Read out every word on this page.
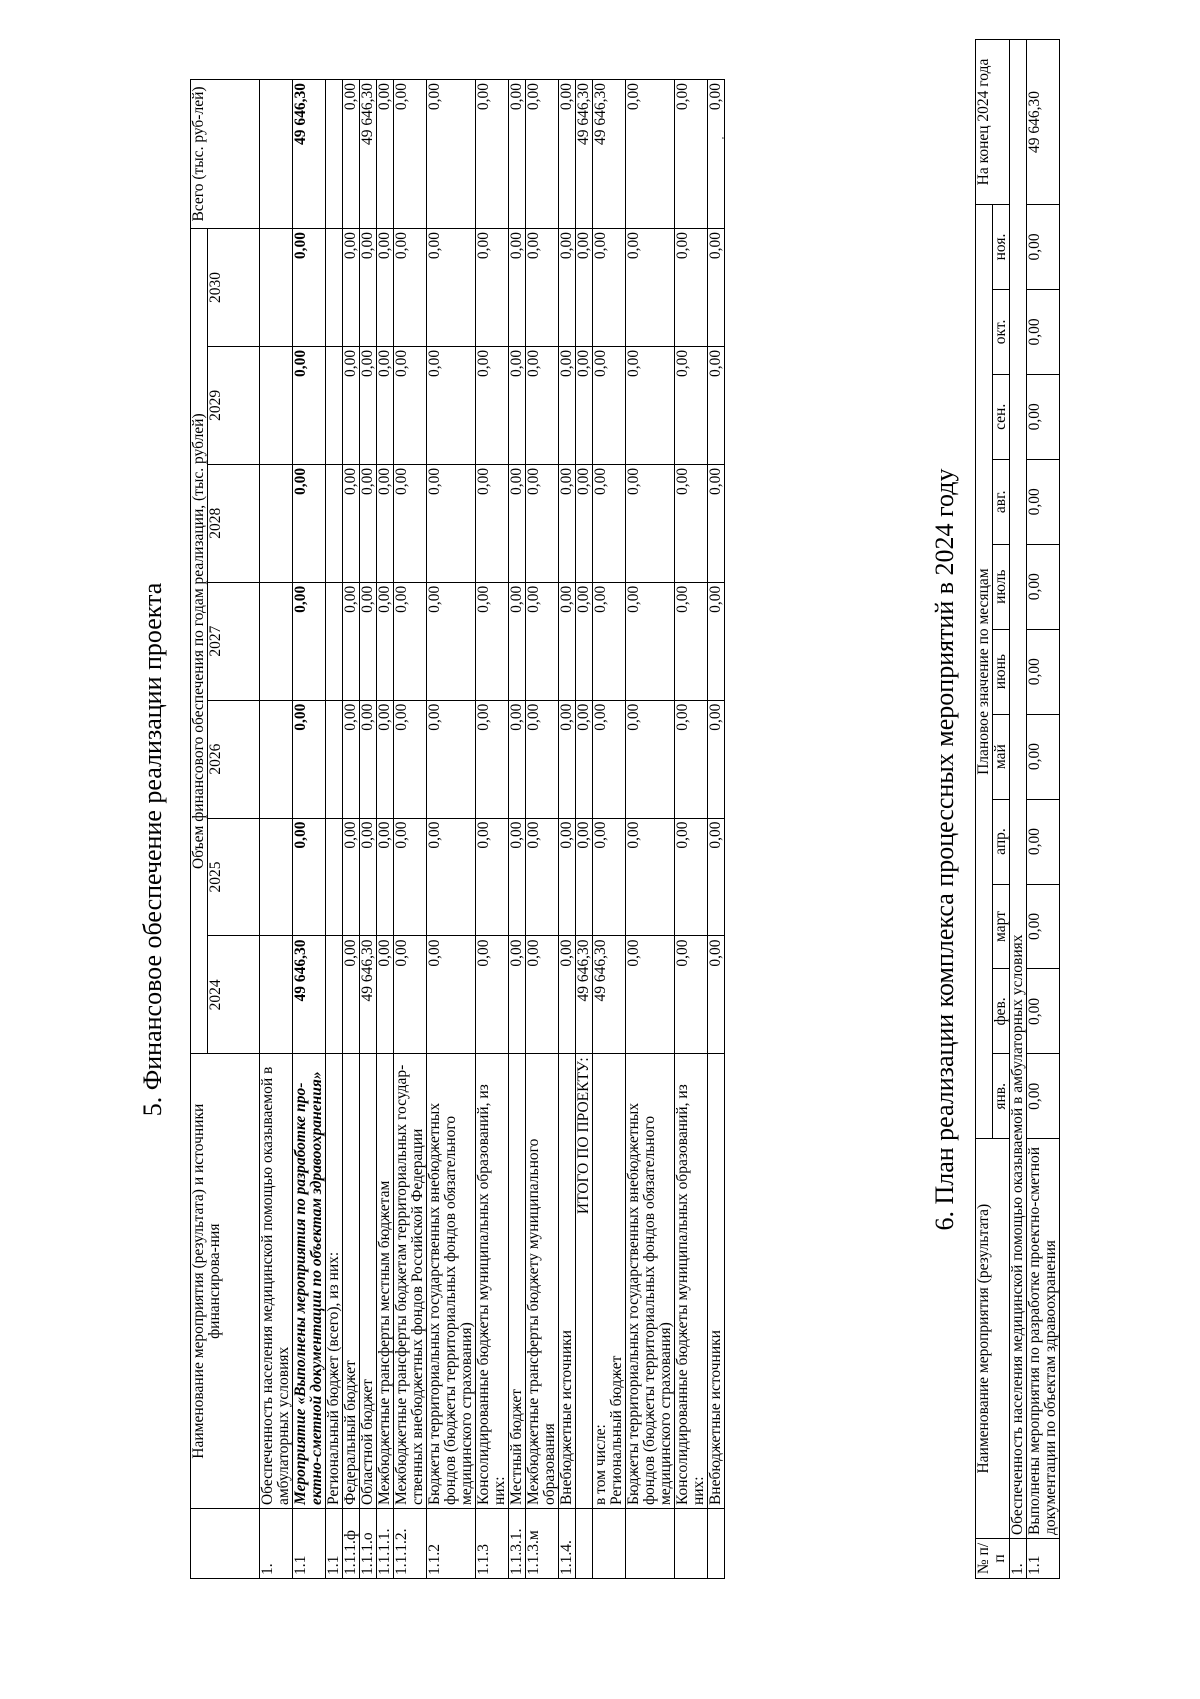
5. Финансовое обеспечение реализации проекта
	Наименование мероприятия (результата) и источники финансирова-ния	Объем финансового обеспечения по годам реализации, (тыс. рублей)							Всего (тыс. руб-лей)
		2024	2025	2026	2027	2028	2029	2030	
1.	Обеспеченность населения медицинской помощью оказываемой в амбулаторных условиях								
1.1	Мероприятие «Выполнены мероприятия по разработке про-ектно-сметной документации по объектам здравоохранения»	49 646,30	0,00	0,00	0,00	0,00	0,00	0,00	49 646,30
1.1	Региональный бюджет (всего), из них:								
1.1.1.ф	Федеральный бюджет	0,00	0,00	0,00	0,00	0,00	0,00	0,00	0,00
1.1.1.о	Областной бюджет	49 646,30	0,00	0,00	0,00	0,00	0,00	0,00	49 646,30
1.1.1.1.	Межбюджетные трансферты местным бюджетам	0,00	0,00	0,00	0,00	0,00	0,00	0,00	0,00
1.1.1.2.	Межбюджетные трансферты бюджетам территориальных государ-ственных внебюджетных фондов Российской Федерации	0,00	0,00	0,00	0,00	0,00	0,00	0,00	0,00
1.1.2	Бюджеты территориальных государственных внебюджетных фондов (бюджеты территориальных фондов обязательного медицинского страхования)	0,00	0,00	0,00	0,00	0,00	0,00	0,00	0,00
1.1.3	Консолидированные бюджеты муниципальных образований, из них:	0,00	0,00	0,00	0,00	0,00	0,00	0,00	0,00
1.1.3.1.	Местный бюджет	0,00	0,00	0,00	0,00	0,00	0,00	0,00	0,00
1.1.3.м	Межбюджетные трансферты бюджету муниципального образования	0,00	0,00	0,00	0,00	0,00	0,00	0,00	0,00
1.1.4.	Внебюджетные источники	0,00	0,00	0,00	0,00	0,00	0,00	0,00	0,00
	ИТОГО ПО ПРОЕКТУ:	49 646,30	0,00	0,00	0,00	0,00	0,00	0,00	49 646,30

	в том числе: Региональный бюджет	49 646,30	0,00	0,00	0,00	0,00	0,00	0,00	49 646,30
	Бюджеты территориальных государственных внебюджетных фондов (бюджеты территориальных фондов обязательного медицинского страхования)	0,00	0,00	0,00	0,00	0,00	0,00	0,00	0,00
	Консолидированные бюджеты муниципальных образований, из них:	0,00	0,00	0,00	0,00	0,00	0,00	0,00	0,00
	Внебюджетные источники	0,00	0,00	0,00	0,00	0,00	0,00	0,00	0,00
'
6. План реализации комплекса процессных мероприятий в 2024 году
№ п/п	Наименование мероприятия (результата)	Плановое значение по месяцам											На конец 2024 года
		янв.	фев.	март	апр.	май	июнь	июль	авг.	сен.	окт.	ноя.	
1.	Обеспеченность населения медицинской помощью оказываемой в амбулаторных условиях												
1.1	Выполнены мероприятия по разработке проектно-сметной документации по объектам здравоохранения	0,00	0,00	0,00	0,00	0,00	0,00	0,00	0,00	0,00	0,00	0,00	49 646,30
